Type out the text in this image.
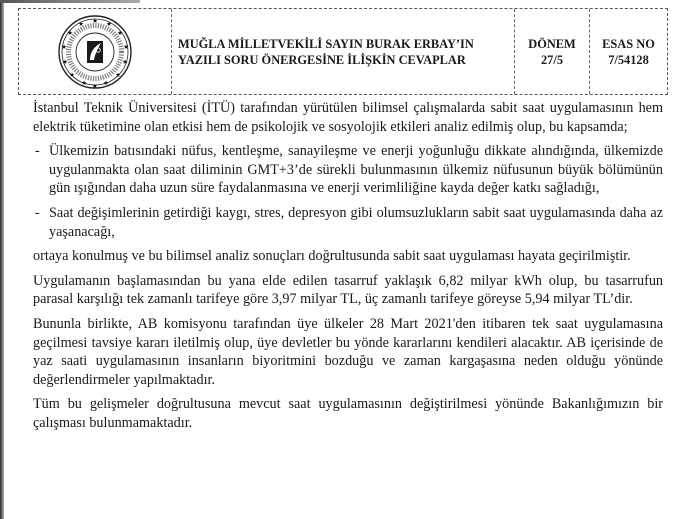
★
★	★
★	★
★	★
★	★
★	★
★ ★
●
MUĞLA MİLLETVEKİLİ SAYIN BURAK ERBAY’IN
YAZILI SORU ÖNERGESİNE İLİŞKİN CEVAPLAR
DÖNEM
27/5
ESAS NO
7/54128

İstanbul Teknik Üniversitesi (İTÜ) tarafından yürütülen bilimsel çalışmalarda sabit saat uygulamasının hem elektrik tüketimine olan etkisi hem de psikolojik ve sosyolojik etkileri analiz edilmiş olup, bu kapsamda;

- Ülkemizin batısındaki nüfus, kentleşme, sanayileşme ve enerji yoğunluğu dikkate alındığında, ülkemizde uygulanmakta olan saat diliminin GMT+3’de sürekli bulunmasının ülkemiz nüfusunun büyük bölümünün gün ışığından daha uzun süre faydalanmasına ve enerji verimliliğine kayda değer katkı sağladığı,
- Saat değişimlerinin getirdiği kaygı, stres, depresyon gibi olumsuzlukların sabit saat uygulamasında daha az yaşanacağı,

ortaya konulmuş ve bu bilimsel analiz sonuçları doğrultusunda sabit saat uygulaması hayata geçirilmiştir.

Uygulamanın başlamasından bu yana elde edilen tasarruf yaklaşık 6,82 milyar kWh olup, bu tasarrufun parasal karşılığı tek zamanlı tarifeye göre 3,97 milyar TL, üç zamanlı tarifeye göreyse 5,94 milyar TL’dir.

Bununla birlikte, AB komisyonu tarafından üye ülkeler 28 Mart 2021'den itibaren tek saat uygulamasına geçilmesi tavsiye kararı iletilmiş olup, üye devletler bu yönde kararlarını kendileri alacaktır. AB içerisinde de yaz saati uygulamasının insanların biyoritmini bozduğu ve zaman kargaşasına neden olduğu yönünde değerlendirmeler yapılmaktadır.

Tüm bu gelişmeler doğrultusuna mevcut saat uygulamasının değiştirilmesi yönünde Bakanlığımızın bir çalışması bulunmamaktadır.
